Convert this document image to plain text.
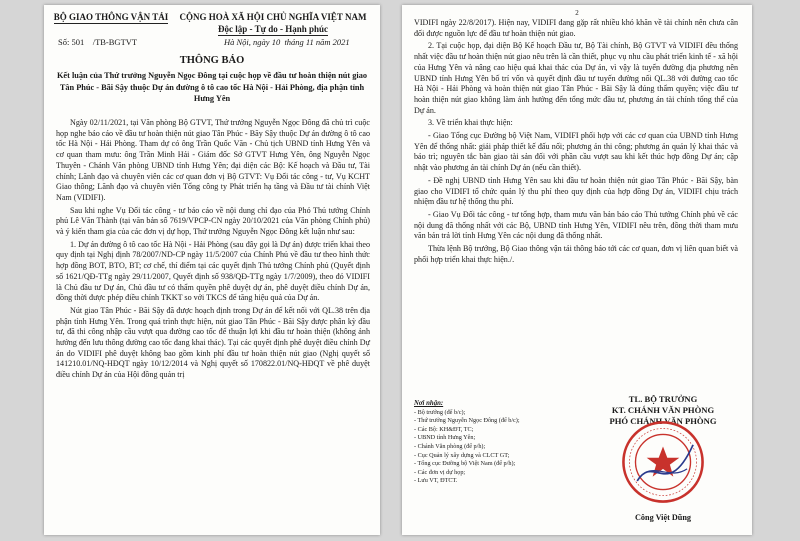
BỘ GIAO THÔNG VẬN TẢI	CỘNG HOÀ XÃ HỘI CHỦ NGHĨA VIỆT NAM
Độc lập - Tự do - Hạnh phúc
Số: 501    /TB-BGTVT	Hà Nội, ngày 10  tháng 11 năm 2021
THÔNG BÁO
Kết luận của Thứ trưởng Nguyễn Ngọc Đông tại cuộc họp về đầu tư hoàn thiện nút giao Tân Phúc - Bãi Sậy thuộc Dự án đường ô tô cao tốc Hà Nội - Hải Phòng, địa phận tỉnh Hưng Yên

Ngày 02/11/2021, tại Văn phòng Bộ GTVT, Thứ trưởng Nguyễn Ngọc Đông đã chủ trì cuộc họp nghe báo cáo về đầu tư hoàn thiện nút giao Tân Phúc - Bãy Sậy thuộc Dự án đường ô tô cao tốc Hà Nội - Hải Phòng. Tham dự có ông Trần Quốc Văn - Chủ tịch UBND tỉnh Hưng Yên và cơ quan tham mưu: ông Trần Minh Hải - Giám đốc Sở GTVT Hưng Yên, ông Nguyễn Ngọc Thuyên - Chánh Văn phòng UBND tỉnh Hưng Yên; đại diện các Bộ: Kế hoạch và Đầu tư, Tài chính; Lãnh đạo và chuyên viên các cơ quan đơn vị Bộ GTVT: Vụ Đối tác công - tư, Vụ KCHT Giao thông; Lãnh đạo và chuyên viên Tổng công ty Phát triển hạ tầng và Đầu tư tài chính Việt Nam (VIDIFI).

Sau khi nghe Vụ Đối tác công - tư báo cáo về nội dung chỉ đạo của Phó Thủ tướng Chính phủ Lê Văn Thành (tại văn bản số 7619/VPCP-CN ngày 20/10/2021 của Văn phòng Chính phủ) và ý kiến tham gia của các đơn vị dự họp, Thứ trưởng Nguyễn Ngọc Đông kết luận như sau:

1. Dự án đường ô tô cao tốc Hà Nội - Hải Phòng (sau đây gọi là Dự án) được triển khai theo quy định tại Nghị định 78/2007/ND-CP ngày 11/5/2007 của Chính Phủ về đầu tư theo hình thức hợp đồng BOT, BTO, BT; cơ chế, thí điểm tại các quyết định Thủ tướng Chính phủ (Quyết định số 1621/QĐ-TTg ngày 29/11/2007, Quyết định số 938/QĐ-TTg ngày 1/7/2009), theo đó VIDIFI là Chủ đầu tư Dự án, Chủ đầu tư có thẩm quyền phê duyệt dự án, phê duyệt điều chỉnh Dự án, đồng thời được phép điều chỉnh TKKT so với TKCS để tăng hiệu quả của Dự án.

Nút giao Tân Phúc - Bãi Sậy đã được hoạch định trong Dự án để kết nối với QL.38 trên địa phận tỉnh Hưng Yên. Trong quá trình thực hiện, nút giao Tân Phúc - Bãi Sậy được phân kỳ đầu tư, đã thi công nhập cầu vượt qua đường cao tốc để thuận lợi khi đầu tư hoàn thiện (không ảnh hưởng đến lưu thông đường cao tốc đang khai thác). Tại các quyết định phê duyệt điều chỉnh Dự án do VIDIFI phê duyệt không bao gồm kinh phí đầu tư hoàn thiện nút giao (Nghị quyết số 141210.01/NQ-HĐQT ngày 10/12/2014 và Nghị quyết số 170822.01/NQ-HĐQT về phê duyệt điều chỉnh Dự án của Hội đồng quản trị

2

VIDIFI ngày 22/8/2017). Hiện nay, VIDIFI đang gặp rất nhiều khó khăn về tài chính nên chưa cân đối được nguồn lực để đầu tư hoàn thiện nút giao.

2. Tại cuộc họp, đại diện Bộ Kế hoạch Đầu tư, Bộ Tài chính, Bộ GTVT và VIDIFI đều thống nhất việc đầu tư hoàn thiện nút giao nêu trên là cần thiết, phục vụ nhu cầu phát triển kinh tế - xã hội của Hưng Yên và nâng cao hiệu quả khai thác của Dự án, vì vậy là tuyến đường địa phương nên UBND tỉnh Hưng Yên bố trí vốn và quyết định đầu tư tuyến đường nối QL.38 với đường cao tốc Hà Nội - Hải Phòng và hoàn thiện nút giao Tân Phúc - Bãi Sậy là đúng thẩm quyền; việc đầu tư hoàn thiện nút giao không làm ảnh hưởng đến tổng mức đầu tư, phương án tài chính tổng thể của Dự án.

3. Về triển khai thực hiện:

- Giao Tổng cục Đường bộ Việt Nam, VIDIFI phối hợp với các cơ quan của UBND tỉnh Hưng Yên để thống nhất: giải pháp thiết kế đấu nối; phương án thi công; phương án quản lý khai thác và bảo trì; nguyên tắc bàn giao tài sản đối với phần cầu vượt sau khi kết thúc hợp đồng Dự án; cập nhật vào phương án tài chính Dự án (nếu cần thiết).

- Đề nghị UBND tỉnh Hưng Yên sau khi đầu tư hoàn thiện nút giao Tân Phúc - Bãi Sậy, bàn giao cho VIDIFI tổ chức quản lý thu phí theo quy định của hợp đồng Dự án, VIDIFI chịu trách nhiệm đầu tư hệ thống thu phí.

- Giao Vụ Đối tác công - tư tổng hợp, tham mưu văn bản báo cáo Thủ tướng Chính phủ về các nội dung đã thống nhất với các Bộ, UBND tỉnh Hưng Yên, VIDIFI nêu trên, đồng thời tham mưu văn bản trả lời tỉnh Hưng Yên các nội dung đã thống nhất.

Thừa lệnh Bộ trưởng, Bộ Giao thông vận tải thông báo tới các cơ quan, đơn vị liên quan biết và phối hợp triển khai thực hiện./.

Nơi nhận:
- Bộ trưởng (để b/c);
- Thứ trưởng Nguyễn Ngọc Đông (để b/c);
- Các Bộ: KH&ĐT, TC;
- UBND tỉnh Hưng Yên;
- Chánh Văn phòng (để p/h);
- Cục Quản lý xây dựng và CLCT GT;
- Tổng cục Đường bộ Việt Nam (để p/h);
- Các đơn vị dự họp;
- Lưu VT, ĐTCT.
TL. BỘ TRƯỞNG
KT. CHÁNH VĂN PHÒNG
PHÓ CHÁNH VĂN PHÒNG
Công Việt Dũng
